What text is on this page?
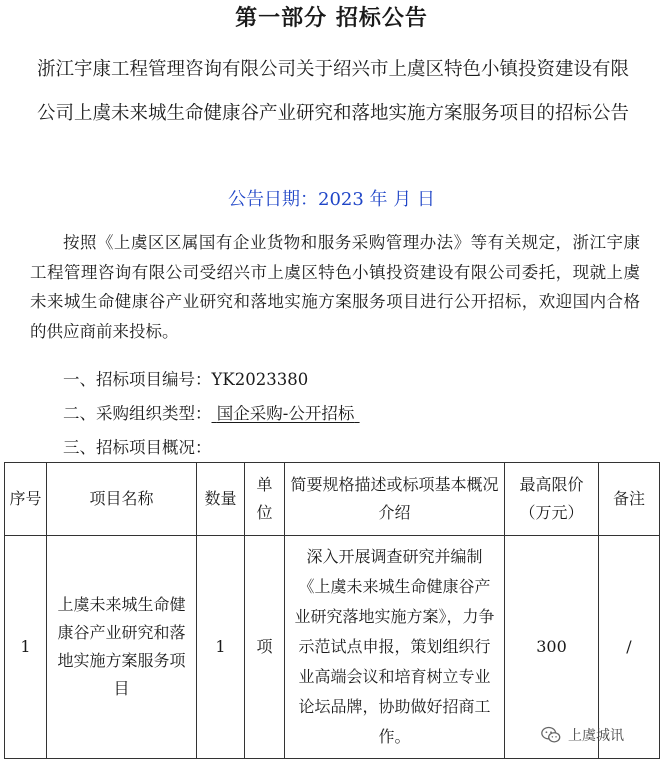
第一部分 招标公告
浙江宇康工程管理咨询有限公司关于绍兴市上虞区特色小镇投资建设有限公司上虞未来城生命健康谷产业研究和落地实施方案服务项目的招标公告
公告日期：2023 年 月 日
按照《上虞区区属国有企业货物和服务采购管理办法》等有关规定，浙江宇康工程管理咨询有限公司受绍兴市上虞区特色小镇投资建设有限公司委托，现就上虞未来城生命健康谷产业研究和落地实施方案服务项目进行公开招标，欢迎国内合格的供应商前来投标。
一、招标项目编号：YK2023380
二、采购组织类型： 国企采购-公开招标
三、招标项目概况：
序号	项目名称	数量	单位	简要规格描述或标项基本概况介绍	最高限价（万元）	备注
1	上虞未来城生命健康谷产业研究和落地实施方案服务项目	1	项	深入开展调查研究并编制《上虞未来城生命健康谷产业研究落地实施方案》，力争示范试点申报，策划组织行业高端会议和培育树立专业论坛品牌，协助做好招商工作。	300	/
上虞城讯
